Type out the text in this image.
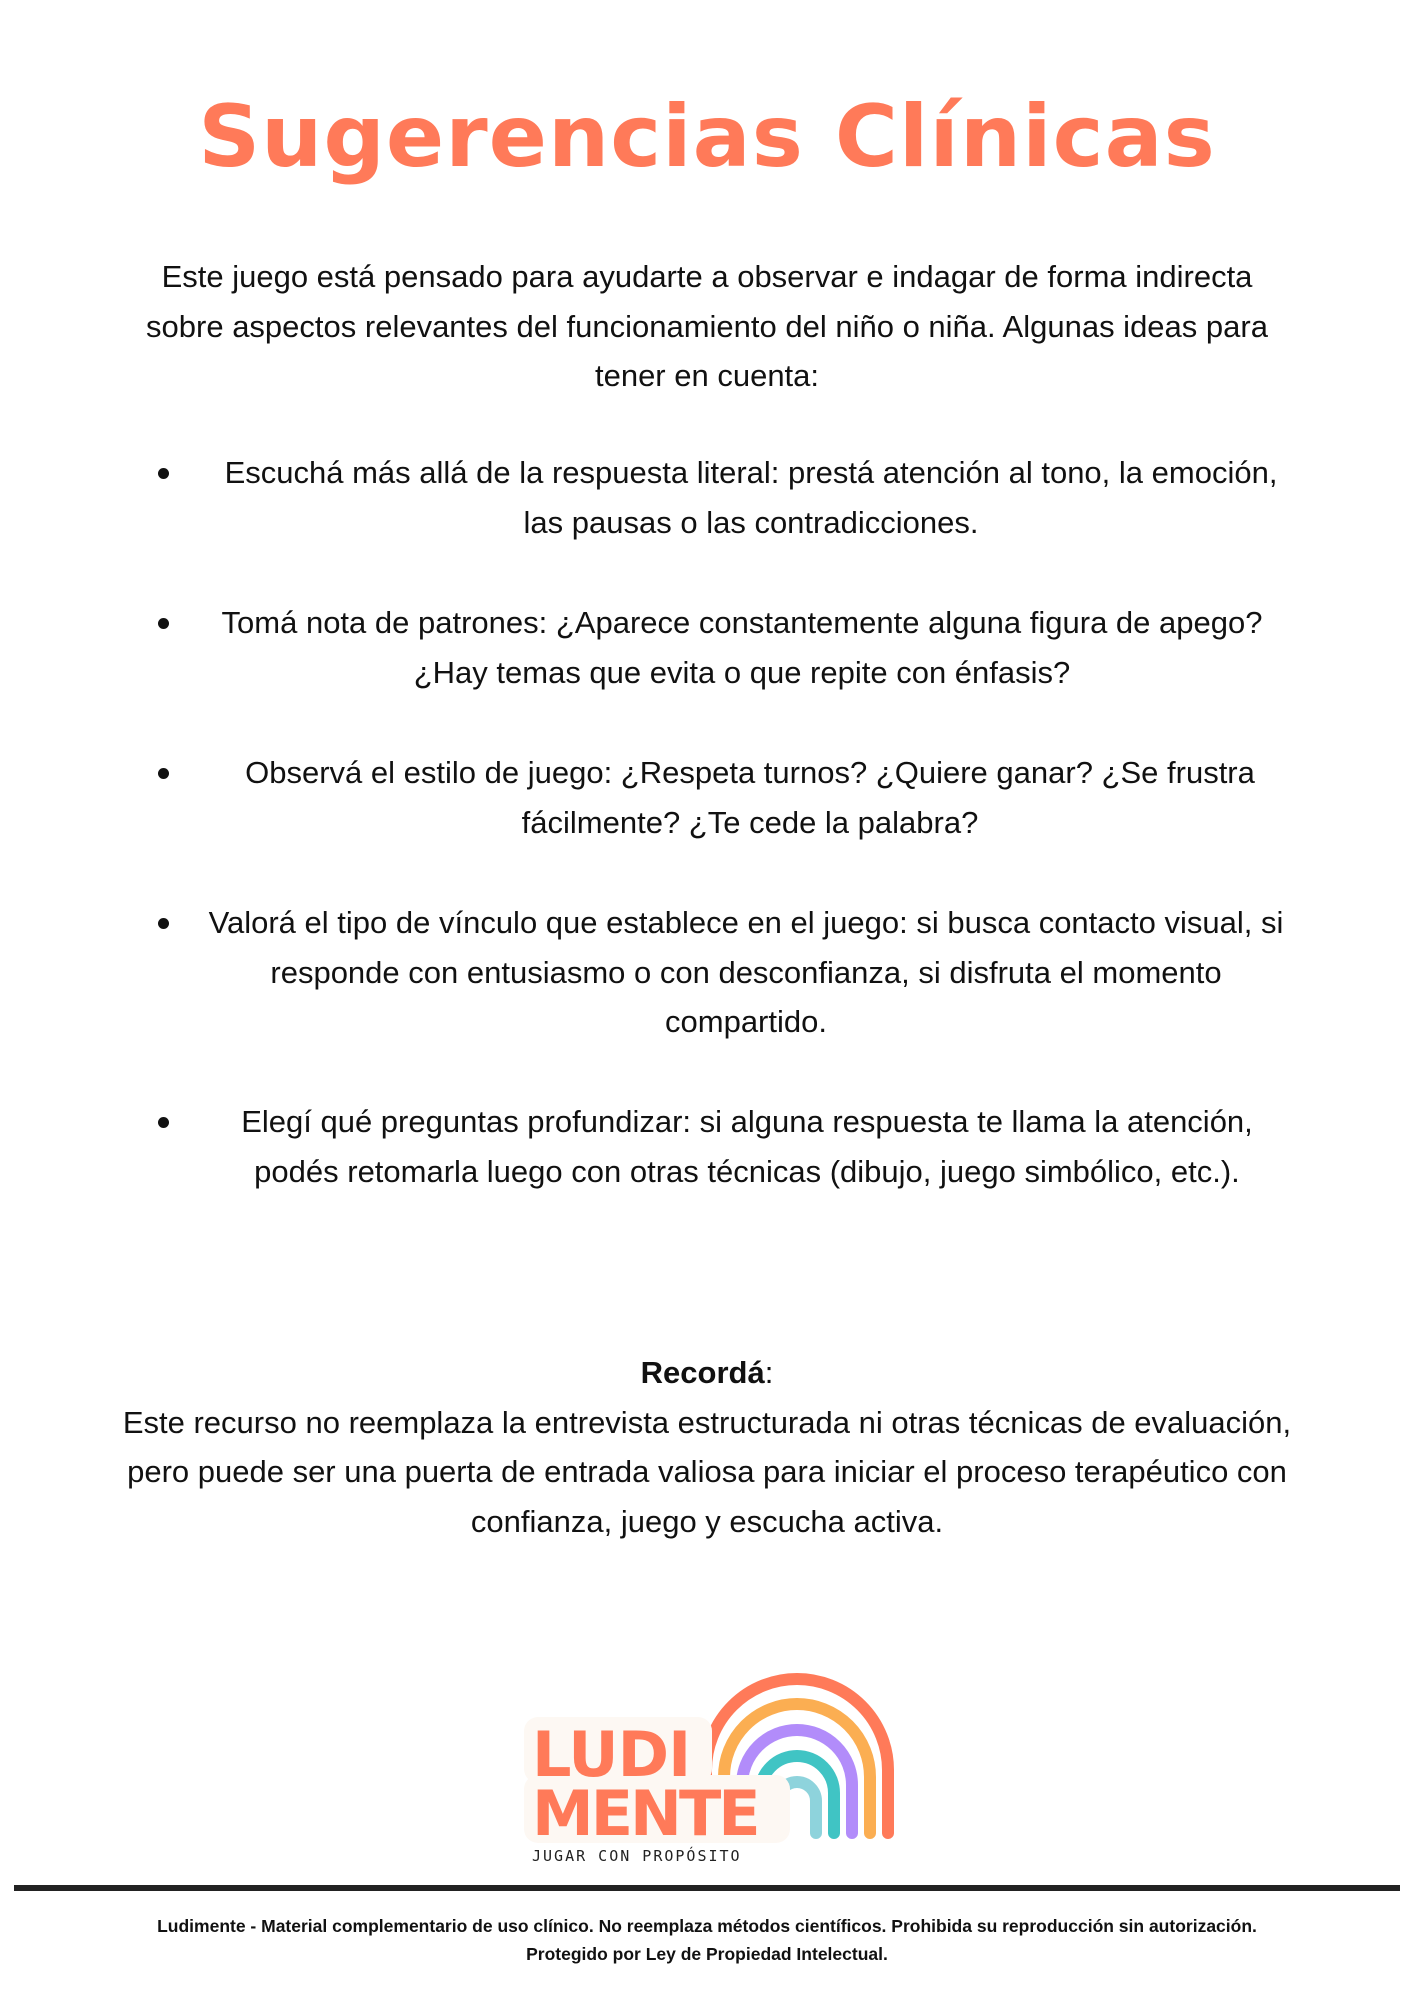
Sugerencias Clínicas

Este juego está pensado para ayudarte a observar e indagar de forma indirecta sobre aspectos relevantes del funcionamiento del niño o niña. Algunas ideas para tener en cuenta:

Escuchá más allá de la respuesta literal: prestá atención al tono, la emoción, las pausas o las contradicciones.
Tomá nota de patrones: ¿Aparece constantemente alguna figura de apego? ¿Hay temas que evita o que repite con énfasis?
Observá el estilo de juego: ¿Respeta turnos? ¿Quiere ganar? ¿Se frustra fácilmente? ¿Te cede la palabra?
Valorá el tipo de vínculo que establece en el juego: si busca contacto visual, si responde con entusiasmo o con desconfianza, si disfruta el momento compartido.
Elegí qué preguntas profundizar: si alguna respuesta te llama la atención, podés retomarla luego con otras técnicas (dibujo, juego simbólico, etc.).
Recordá:
Este recurso no reemplaza la entrevista estructurada ni otras técnicas de evaluación, pero puede ser una puerta de entrada valiosa para iniciar el proceso terapéutico con confianza, juego y escucha activa.
LUDI
MENTE
JUGAR CON PROPÓSITO
Ludimente - Material complementario de uso clínico. No reemplaza métodos científicos. Prohibida su reproducción sin autorización.
Protegido por Ley de Propiedad Intelectual.
